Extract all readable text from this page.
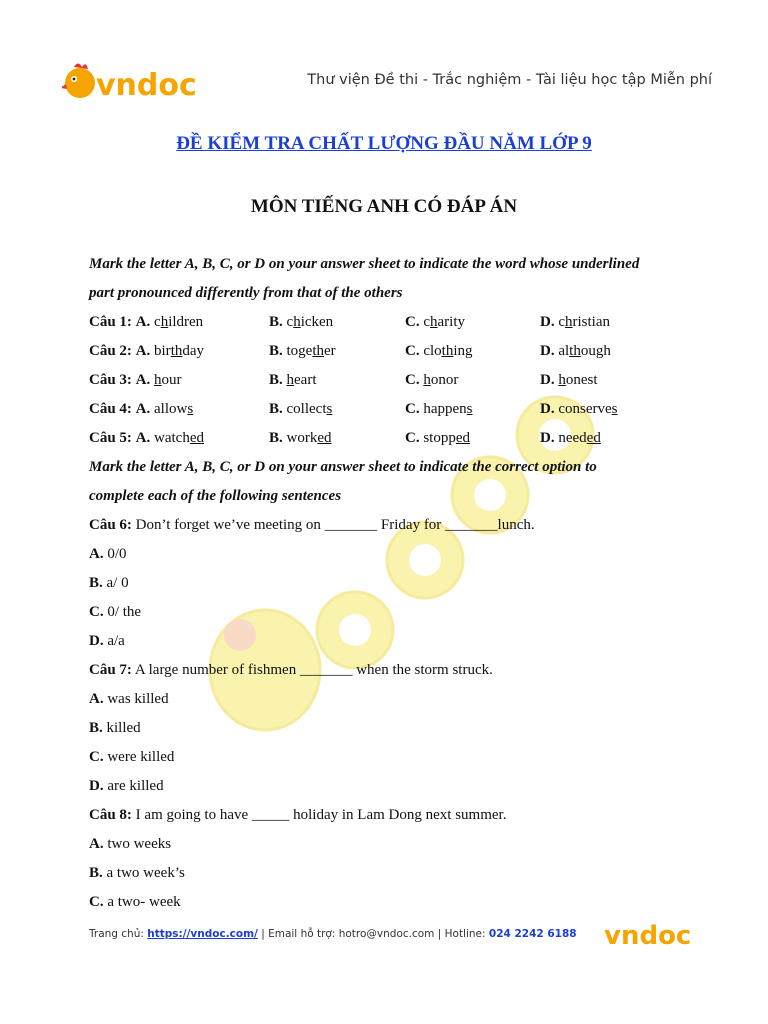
vndoc	Thư viện Đề thi - Trắc nghiệm - Tài liệu học tập Miễn phí
ĐỀ KIỂM TRA CHẤT LƯỢNG ĐẦU NĂM LỚP 9
MÔN TIẾNG ANH CÓ ĐÁP ÁN
Mark the letter A, B, C, or D on your answer sheet to indicate the word whose underlined
part pronounced differently from that of the others
Câu 1: A. children	B. chicken	C. charity	D. christian
Câu 2: A. birthday	B. together	C. clothing	D. although
Câu 3: A. hour	B. heart	C. honor	D. honest
Câu 4: A. allows	B. collects	C. happens	D. conserves
Câu 5: A. watched	B. worked	C. stopped	D. needed
Mark the letter A, B, C, or D on your answer sheet to indicate the correct option to
complete each of the following sentences
Câu 6: Don’t forget we’ve meeting on _______ Friday for _______lunch.
A. 0/0
B. a/ 0
C. 0/ the
D. a/a
Câu 7: A large number of fishmen _______ when the storm struck.
A. was killed
B. killed
C. were killed
D. are killed
Câu 8: I am going to have _____ holiday in Lam Dong next summer.
A. two weeks
B. a two week’s
C. a two- week
Trang chủ: https://vndoc.com/ | Email hỗ trợ: hotro@vndoc.com | Hotline: 024 2242 6188 vndoc
